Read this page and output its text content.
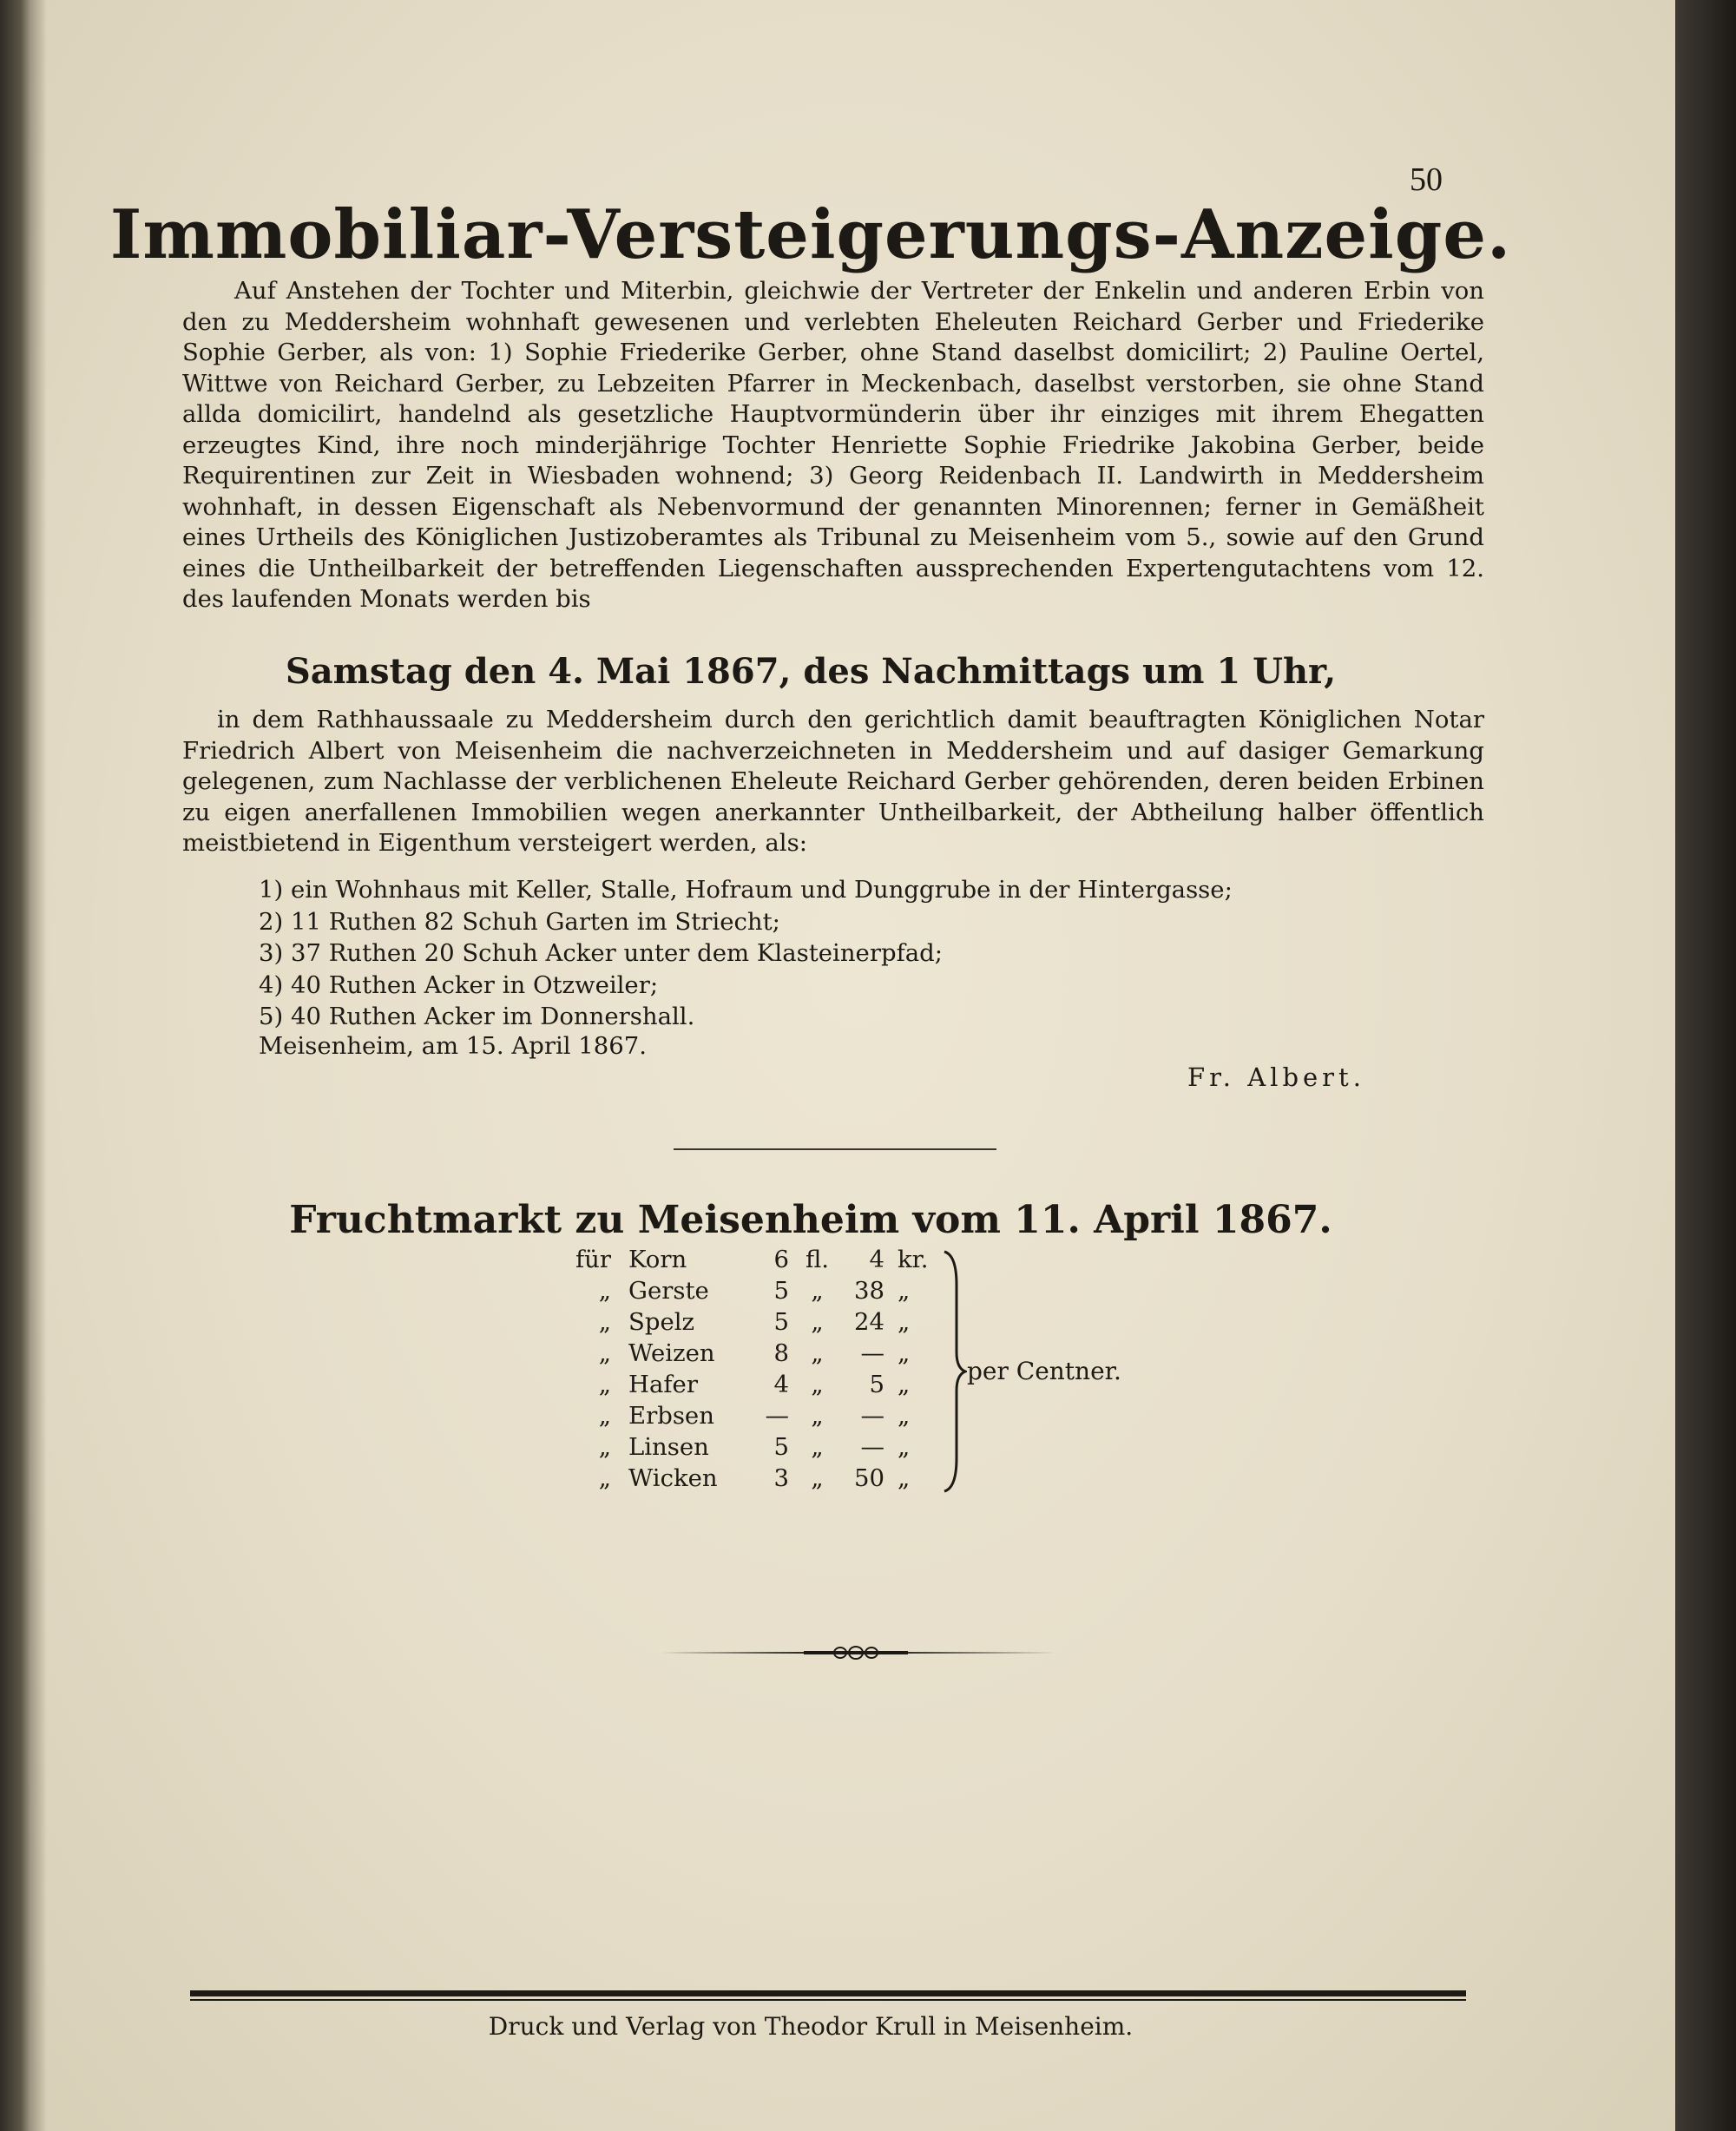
50
Immobiliar-Versteigerungs-Anzeige.

Auf Anstehen der Tochter und Miterbin, gleichwie der Vertreter der Enkelin und anderen Erbin von den zu Meddersheim wohnhaft gewesenen und verlebten Eheleuten Reichard Gerber und Friederike Sophie Gerber, als von: 1) Sophie Friederike Gerber, ohne Stand daselbst domicilirt; 2) Pauline Oertel, Wittwe von Reichard Gerber, zu Lebzeiten Pfarrer in Meckenbach, daselbst verstorben, sie ohne Stand allda domicilirt, handelnd als gesetzliche Hauptvormünderin über ihr einziges mit ihrem Ehegatten erzeugtes Kind, ihre noch minderjährige Tochter Henriette Sophie Friedrike Jakobina Gerber, beide Requirentinen zur Zeit in Wiesbaden wohnend; 3) Georg Reidenbach II. Landwirth in Meddersheim wohnhaft, in dessen Eigenschaft als Nebenvormund der genannten Minorennen; ferner in Gemäßheit eines Urtheils des Königlichen Justizoberamtes als Tribunal zu Meisenheim vom 5., sowie auf den Grund eines die Untheilbarkeit der betreffenden Liegenschaften aussprechenden Expertengutachtens vom 12. des laufenden Monats werden bis

Samstag den 4. Mai 1867, des Nachmittags um 1 Uhr,

in dem Rathhaussaale zu Meddersheim durch den gerichtlich damit beauftragten Königlichen Notar Friedrich Albert von Meisenheim die nachverzeichneten in Meddersheim und auf dasiger Gemarkung gelegenen, zum Nachlasse der verblichenen Eheleute Reichard Gerber gehörenden, deren beiden Erbinen zu eigen anerfallenen Immobilien wegen anerkannter Untheilbarkeit, der Abtheilung halber öffentlich meistbietend in Eigenthum versteigert werden, als:

1) ein Wohnhaus mit Keller, Stalle, Hofraum und Dunggrube in der Hintergasse;
2) 11 Ruthen 82 Schuh Garten im Striecht;
3) 37 Ruthen 20 Schuh Acker unter dem Klasteinerpfad;
4) 40 Ruthen Acker in Otzweiler;
5) 40 Ruthen Acker im Donnershall.
Meisenheim, am 15. April 1867.
Fr. Albert.
Fruchtmarkt zu Meisenheim vom 11. April 1867.
für Korn	6 fl.	4 kr.
„ Gerste	5 „	38 „
„ Spelz	5 „	24 „
„ Weizen	8 „	— „
„ Hafer	4 „	5 „
„ Erbsen — „	— „
„ Linsen	5 „	— „
„ Wicken	3 „	50 „
per Centner.
Druck und Verlag von Theodor Krull in Meisenheim.
